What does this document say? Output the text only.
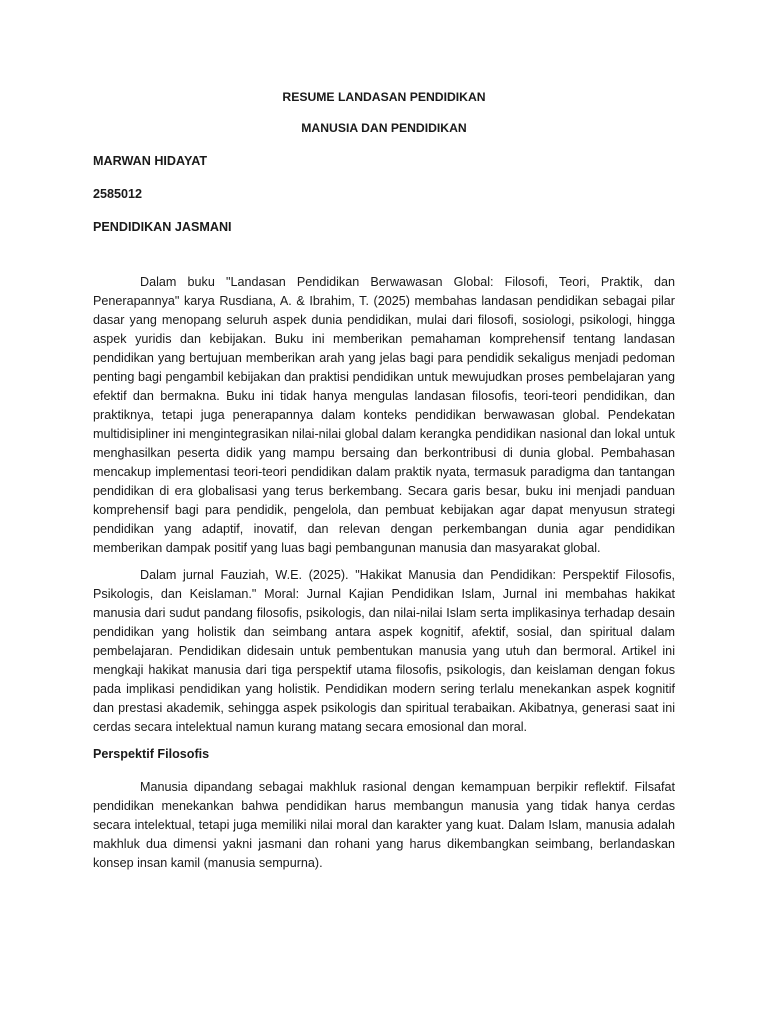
RESUME LANDASAN PENDIDIKAN

MANUSIA DAN PENDIDIKAN

MARWAN HIDAYAT

2585012

PENDIDIKAN JASMANI

Dalam buku "Landasan Pendidikan Berwawasan Global: Filosofi, Teori, Praktik, dan Penerapannya" karya Rusdiana, A. & Ibrahim, T. (2025) membahas landasan pendidikan sebagai pilar dasar yang menopang seluruh aspek dunia pendidikan, mulai dari filosofi, sosiologi, psikologi, hingga aspek yuridis dan kebijakan. Buku ini memberikan pemahaman komprehensif tentang landasan pendidikan yang bertujuan memberikan arah yang jelas bagi para pendidik sekaligus menjadi pedoman penting bagi pengambil kebijakan dan praktisi pendidikan untuk mewujudkan proses pembelajaran yang efektif dan bermakna. Buku ini tidak hanya mengulas landasan filosofis, teori-teori pendidikan, dan praktiknya, tetapi juga penerapannya dalam konteks pendidikan berwawasan global. Pendekatan multidisipliner ini mengintegrasikan nilai-nilai global dalam kerangka pendidikan nasional dan lokal untuk menghasilkan peserta didik yang mampu bersaing dan berkontribusi di dunia global. Pembahasan mencakup implementasi teori-teori pendidikan dalam praktik nyata, termasuk paradigma dan tantangan pendidikan di era globalisasi yang terus berkembang. Secara garis besar, buku ini menjadi panduan komprehensif bagi para pendidik, pengelola, dan pembuat kebijakan agar dapat menyusun strategi pendidikan yang adaptif, inovatif, dan relevan dengan perkembangan dunia agar pendidikan memberikan dampak positif yang luas bagi pembangunan manusia dan masyarakat global.

Dalam jurnal Fauziah, W.E. (2025). "Hakikat Manusia dan Pendidikan: Perspektif Filosofis, Psikologis, dan Keislaman." Moral: Jurnal Kajian Pendidikan Islam, Jurnal ini membahas hakikat manusia dari sudut pandang filosofis, psikologis, dan nilai-nilai Islam serta implikasinya terhadap desain pendidikan yang holistik dan seimbang antara aspek kognitif, afektif, sosial, dan spiritual dalam pembelajaran. Pendidikan didesain untuk pembentukan manusia yang utuh dan bermoral. Artikel ini mengkaji hakikat manusia dari tiga perspektif utama filosofis, psikologis, dan keislaman dengan fokus pada implikasi pendidikan yang holistik. Pendidikan modern sering terlalu menekankan aspek kognitif dan prestasi akademik, sehingga aspek psikologis dan spiritual terabaikan. Akibatnya, generasi saat ini cerdas secara intelektual namun kurang matang secara emosional dan moral.

Perspektif Filosofis

Manusia dipandang sebagai makhluk rasional dengan kemampuan berpikir reflektif. Filsafat pendidikan menekankan bahwa pendidikan harus membangun manusia yang tidak hanya cerdas secara intelektual, tetapi juga memiliki nilai moral dan karakter yang kuat. Dalam Islam, manusia adalah makhluk dua dimensi yakni jasmani dan rohani yang harus dikembangkan seimbang, berlandaskan konsep insan kamil (manusia sempurna).
